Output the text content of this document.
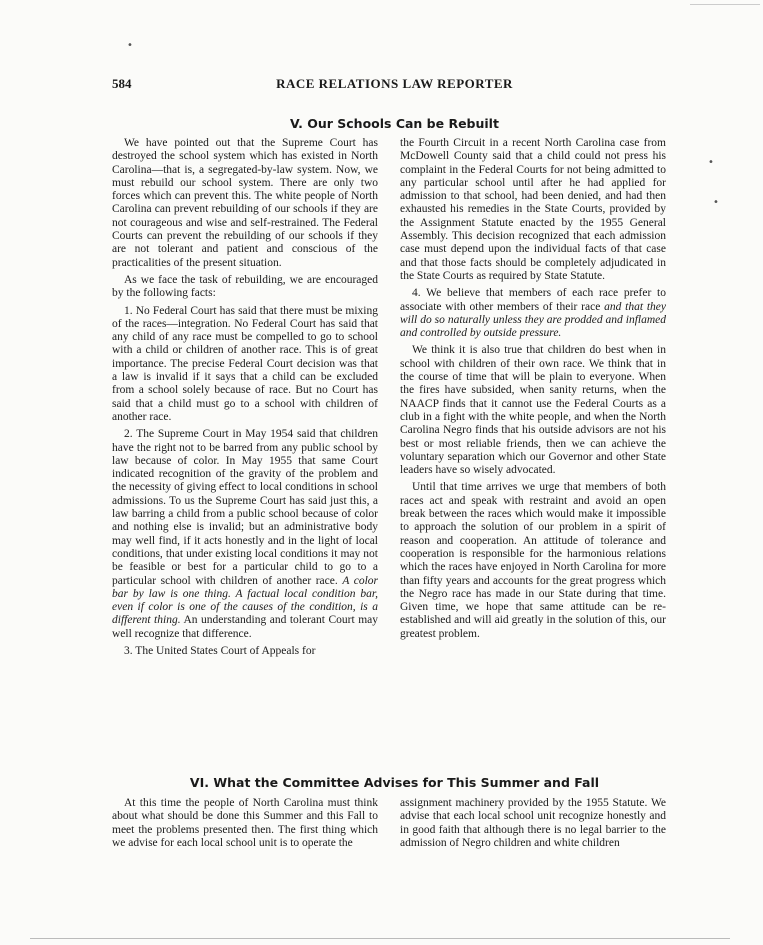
584	RACE RELATIONS LAW REPORTER
V. Our Schools Can be Rebuilt

We have pointed out that the Supreme Court has destroyed the school system which has existed in North Carolina—that is, a segregated-by-law system. Now, we must rebuild our school system. There are only two forces which can prevent this. The white people of North Carolina can prevent rebuilding of our schools if they are not courageous and wise and self-restrained. The Federal Courts can prevent the rebuilding of our schools if they are not tolerant and patient and conscious of the practicalities of the present situation.

As we face the task of rebuilding, we are encouraged by the following facts:

1. No Federal Court has said that there must be mixing of the races—integration. No Federal Court has said that any child of any race must be compelled to go to school with a child or children of another race. This is of great importance. The precise Federal Court decision was that a law is invalid if it says that a child can be excluded from a school solely because of race. But no Court has said that a child must go to a school with children of another race.

2. The Supreme Court in May 1954 said that children have the right not to be barred from any public school by law because of color. In May 1955 that same Court indicated recognition of the gravity of the problem and the necessity of giving effect to local conditions in school admissions. To us the Supreme Court has said just this, a law barring a child from a public school because of color and nothing else is invalid; but an administrative body may well find, if it acts honestly and in the light of local conditions, that under existing local conditions it may not be feasible or best for a particular child to go to a particular school with children of another race. A color bar by law is one thing. A factual local condition bar, even if color is one of the causes of the condition, is a different thing. An understanding and tolerant Court may well recognize that difference.

3. The United States Court of Appeals for

the Fourth Circuit in a recent North Carolina case from McDowell County said that a child could not press his complaint in the Federal Courts for not being admitted to any particular school until after he had applied for admission to that school, had been denied, and had then exhausted his remedies in the State Courts, provided by the Assignment Statute enacted by the 1955 General Assembly. This decision recognized that each admission case must depend upon the individual facts of that case and that those facts should be completely adjudicated in the State Courts as required by State Statute.

4. We believe that members of each race prefer to associate with other members of their race and that they will do so naturally unless they are prodded and inflamed and controlled by outside pressure.

We think it is also true that children do best when in school with children of their own race. We think that in the course of time that will be plain to everyone. When the fires have subsided, when sanity returns, when the NAACP finds that it cannot use the Federal Courts as a club in a fight with the white people, and when the North Carolina Negro finds that his outside advisors are not his best or most reliable friends, then we can achieve the voluntary separation which our Governor and other State leaders have so wisely advocated.

Until that time arrives we urge that members of both races act and speak with restraint and avoid an open break between the races which would make it impossible to approach the solution of our problem in a spirit of reason and cooperation. An attitude of tolerance and cooperation is responsible for the harmonious relations which the races have enjoyed in North Carolina for more than fifty years and accounts for the great progress which the Negro race has made in our State during that time. Given time, we hope that same attitude can be re-established and will aid greatly in the solution of this, our greatest problem.

VI. What the Committee Advises for This Summer and Fall

At this time the people of North Carolina must think about what should be done this Summer and this Fall to meet the problems presented then. The first thing which we advise for each local school unit is to operate the

assignment machinery provided by the 1955 Statute. We advise that each local school unit recognize honestly and in good faith that although there is no legal barrier to the admission of Negro children and white children

•
•
•
